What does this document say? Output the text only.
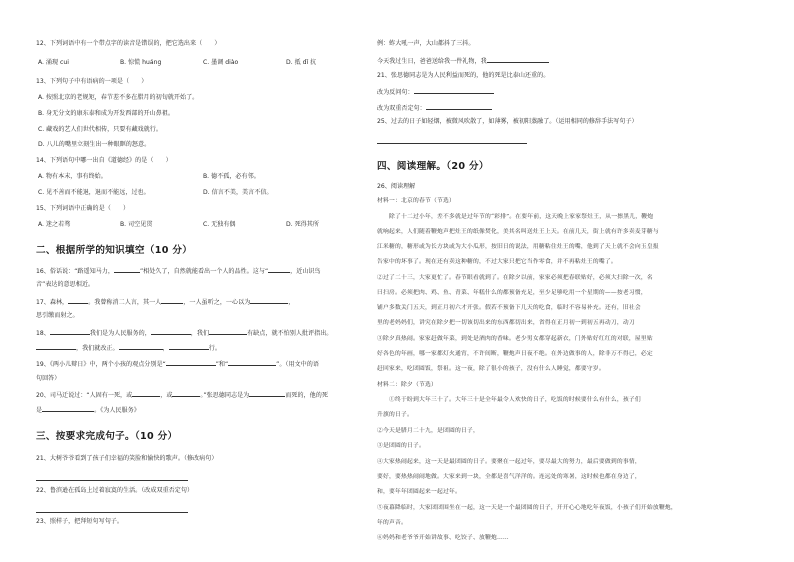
12、下列词语中有一个带点字的读音是错误的，把它选出来（　　）
A. 涌现 cui	B. 惊慌 huáng	C. 墨调 diào	D. 抵 dǐ 抗
13、下列句子中有语病的一项是（　　）
A. 按照北京的老规矩，春节差不多在腊月的初旬就开始了。
B. 身无分文的康东泰和成为开发西部的开山鼻祖。
C. 藏戏的艺人们世代相传，只要有藏戏就行。
D. 八儿的嘴里立刻生出一种眼眶的怒意。
14、下列语句中哪一出自《道德经》的是（　　）
A. 物有本末，事有终始。	B. 德不孤，必有邻。
C. 见不善而不能退，退而不能远，过也。	D. 信言不美，美言不信。
15、下列词语中正确的是（　　）
A. 迷之若骛	B. 司空见贯	C. 无独有偶	D. 死得其所
二、根据所学的知识填空（10 分）
16、俗话说：“路遥知马力，	”相处久了，自然就能看出一个人的品性。这与“	，近山识鸟
音”表达的意思相近。
17、森林，	。我曾称消二人言，其一人	，一人虽听之，一心以为	，
思引缴而射之。
18、	我们是为人民服务的，	，我们	有缺点，就不怕别人批评指出。
，我们就改正。	，	行。
19、《两小儿辩日》中，两个小孩的观点分别是“	”和“	”。（用文中的语
句回答）
20、司马迁说过：“人固有一死，或	，或	。”张思德同志是为	而死的，他的死
是	。《为人民服务》
三、按要求完成句子。（10 分）
21、大树爷爷看到了孩子们幸福的笑脸和愉快的歌声。（修改病句）
22、鲁滨逊在孤岛上过着寂寞的生活。（改成双重否定句）
23、照样子，把拜短句写句子。
例：蚱大吼一声，大山都抖了三抖。
今天我过生日，爸爸送给我一件礼物，我
21、张思德同志是为人民利益而死的，他的死是比泰山还重的。
改为反问句：
改为双重否定句：
25、过去的日子如轻烟，被微风吹散了，如薄雾，被初阳蒸融了。（运用相同的修辞手法写句子）
四、阅读理解。（20 分）
26、阅读理解
材料一：北京的春节（节选）
　　除了十二过小年，差不多就是过年节的“彩排”。在要年前，这天晚上家家祭灶王，从一擦黑儿，鞭炮
就响起来，人们随着鞭炮声把灶王的纸像焚化，美其名叫送灶王上天。在前几天，街上就有许多卖麦芽糖与
江米糖的，糖形或为长方块或为大小瓜形，按旧日的说法，用糖粘住灶王的嘴，他到了天上就不会向玉皇报
告家中的坏事了。现在还有卖这种糖的，不过大家只把它当作零食，并不再粘灶王的嘴了。
②过了二十三，大家更忙了。春节眼看就到了。在除夕以前，家家必须把春联贴好，必须大扫除一次，名
曰扫房。必须把肉、鸡、鱼、青菜、年糕什么的都预备充足，至少足够吃用一个星期的——按老习惯，
铺户多数关门五天，到正月初六才开张。假若不预备下几天的吃食，临时不容易补充。还有，旧社会
里的老妈妈们，讲究在除夕把一切该切出来的东西都切出来，省得在正月初一到初五再动刀，动刀
③除夕真热闹。家家赶做年菜，到处是酒肉的香味。老少男女都穿起新衣，门外贴好红红的对联，屋里贴
好各色的年画，哪一家都灯火通宵，不许间断，鞭炮声日夜不绝。在外边做事的人，除非万不得已，必定
赶回家来，吃团圆饭，祭祖。这一夜，除了很小的孩子，没有什么人睡觉，都要守岁。
材料二：除夕（节选）
　　①终于盼到大年三十了。大年三十是全年最令人欢快的日子，吃饭的时候要什么有什么，孩子们
升旗的日子。
②今天是腊月二十九，是团圆的日子，
③是团圆的日子。
④大家热闹起来，这一天是最团圆的日子。要聚在一起过年，要尽最大的努力，最后要做到的事情，
要好，要热热闹闹地做。大家来到一块，全都是喜气洋洋的。连远处的寒暑，这时候也都在身边了，
和，要年年团圆起来一起过年。
⑤夜幕降临时，大家团团围坐在一起，这一天是一个最团圆的日子，开开心心地吃年夜饭，小孩子们开始放鞭炮，
年的声音。
⑥妈妈和老爷爷开始讲故事、吃饺子、放鞭炮……
